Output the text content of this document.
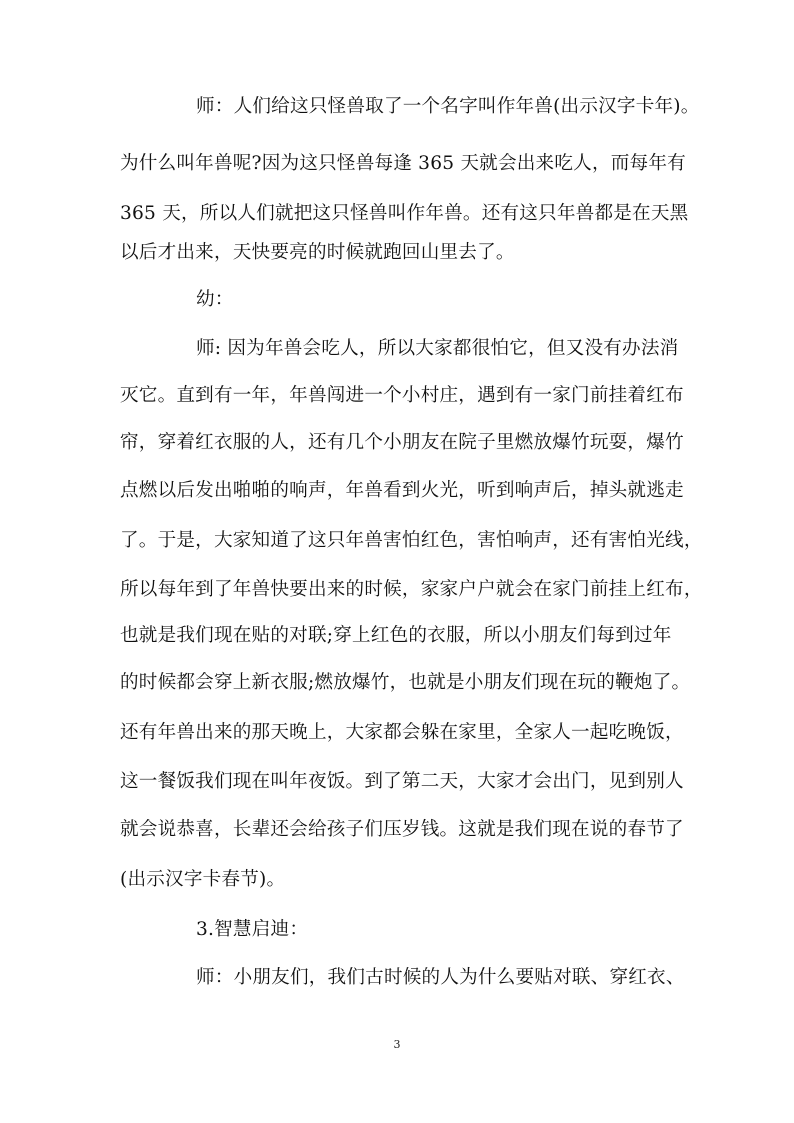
师：人们给这只怪兽取了一个名字叫作年兽(出示汉字卡年)。
为什么叫年兽呢?因为这只怪兽每逢 365 天就会出来吃人，而每年有
365 天，所以人们就把这只怪兽叫作年兽。还有这只年兽都是在天黑
以后才出来，天快要亮的时候就跑回山里去了。
幼：
师: 因为年兽会吃人，所以大家都很怕它，但又没有办法消
灭它。直到有一年，年兽闯进一个小村庄，遇到有一家门前挂着红布
帘，穿着红衣服的人，还有几个小朋友在院子里燃放爆竹玩耍，爆竹
点燃以后发出啪啪的响声，年兽看到火光，听到响声后，掉头就逃走
了。于是，大家知道了这只年兽害怕红色，害怕响声，还有害怕光线，
所以每年到了年兽快要出来的时候，家家户户就会在家门前挂上红布，
也就是我们现在贴的对联;穿上红色的衣服，所以小朋友们每到过年
的时候都会穿上新衣服;燃放爆竹，也就是小朋友们现在玩的鞭炮了。
还有年兽出来的那天晚上，大家都会躲在家里，全家人一起吃晚饭，
这一餐饭我们现在叫年夜饭。到了第二天，大家才会出门，见到别人
就会说恭喜，长辈还会给孩子们压岁钱。这就是我们现在说的春节了
(出示汉字卡春节)。
3.智慧启迪：
师：小朋友们，我们古时候的人为什么要贴对联、穿红衣、
3
